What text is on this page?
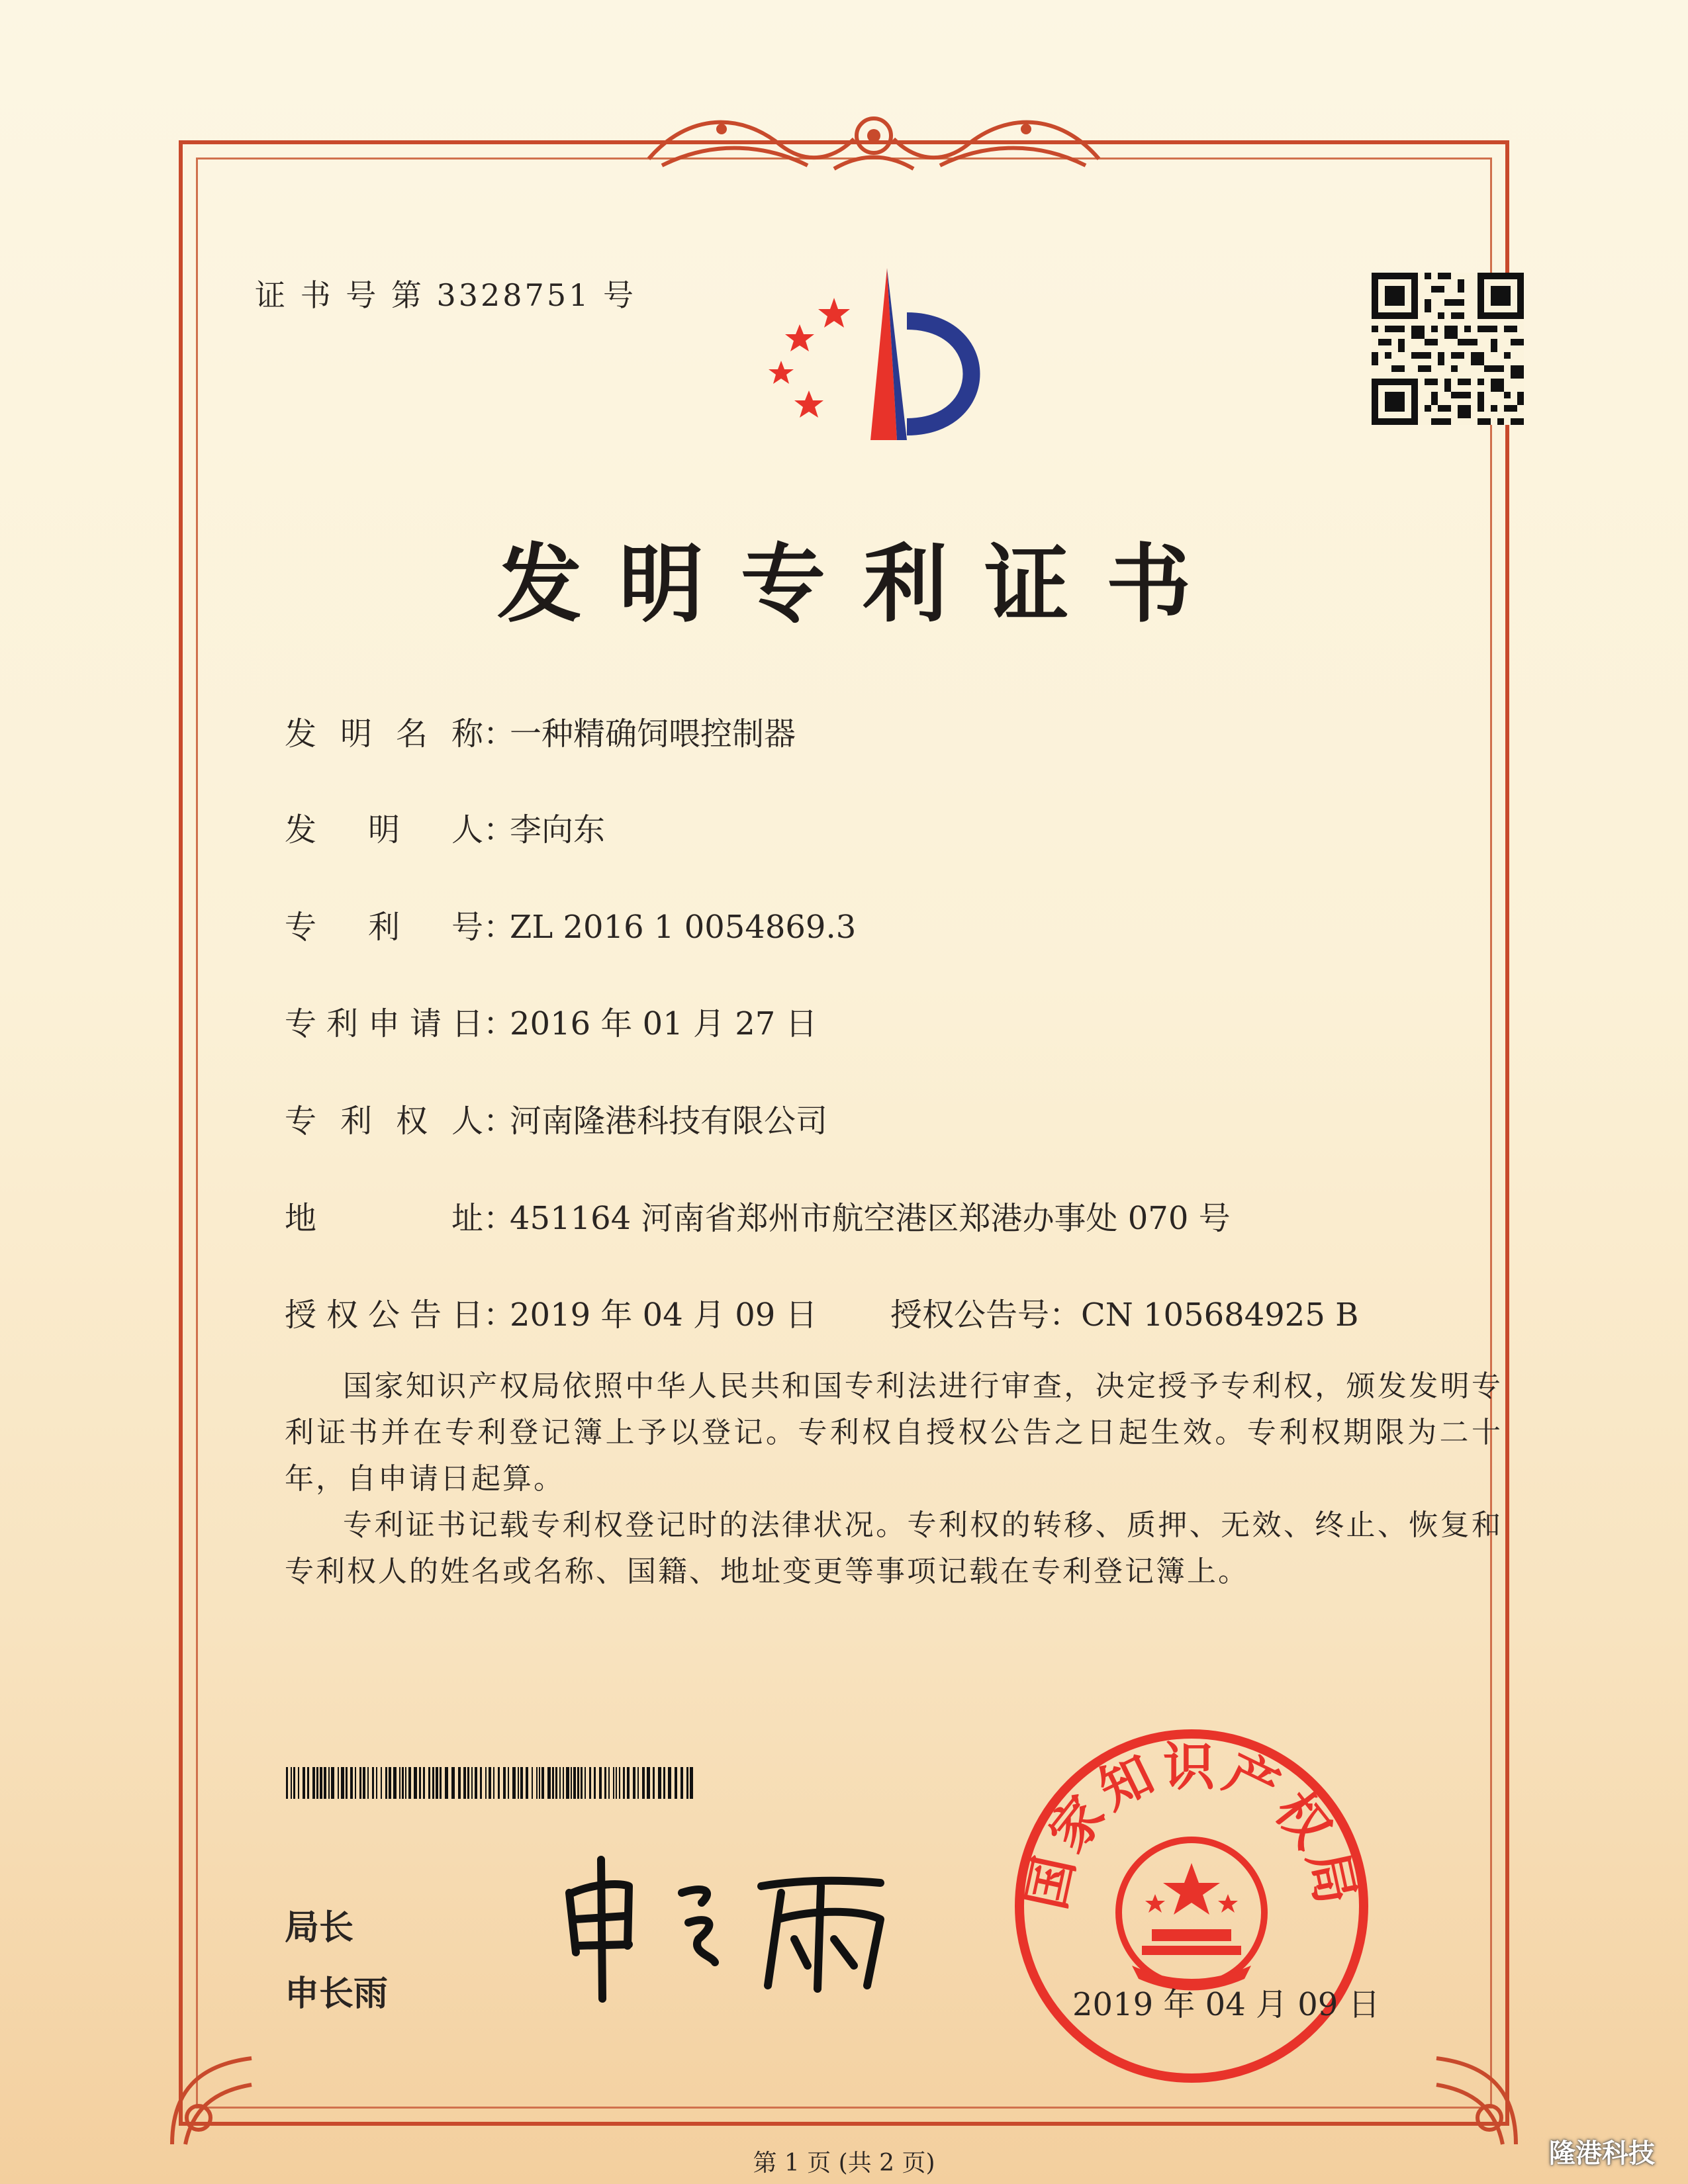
证 书 号 第 3328751 号
发明专利证书
发明名称：一种精确饲喂控制器
发明人：李向东
专利号：ZL 2016 1 0054869.3
专利申请日：2016 年 01 月 27 日
专利权人：河南隆港科技有限公司
地址：451164 河南省郑州市航空港区郑港办事处 070 号
授权公告日：2019 年 04 月 09 日 授权公告号：CN 105684925 B
国家知识产权局依照中华人民共和国专利法进行审查，决定授予专利权，颁发发明专利证书并在专利登记簿上予以登记。专利权自授权公告之日起生效。专利权期限为二十年，自申请日起算。
专利证书记载专利权登记时的法律状况。专利权的转移、质押、无效、终止、恢复和专利权人的姓名或名称、国籍、地址变更等事项记载在专利登记簿上。
局长
申长雨
国家知识产权局
2019 年 04 月 09 日
第 1 页 (共 2 页)	隆港科技
